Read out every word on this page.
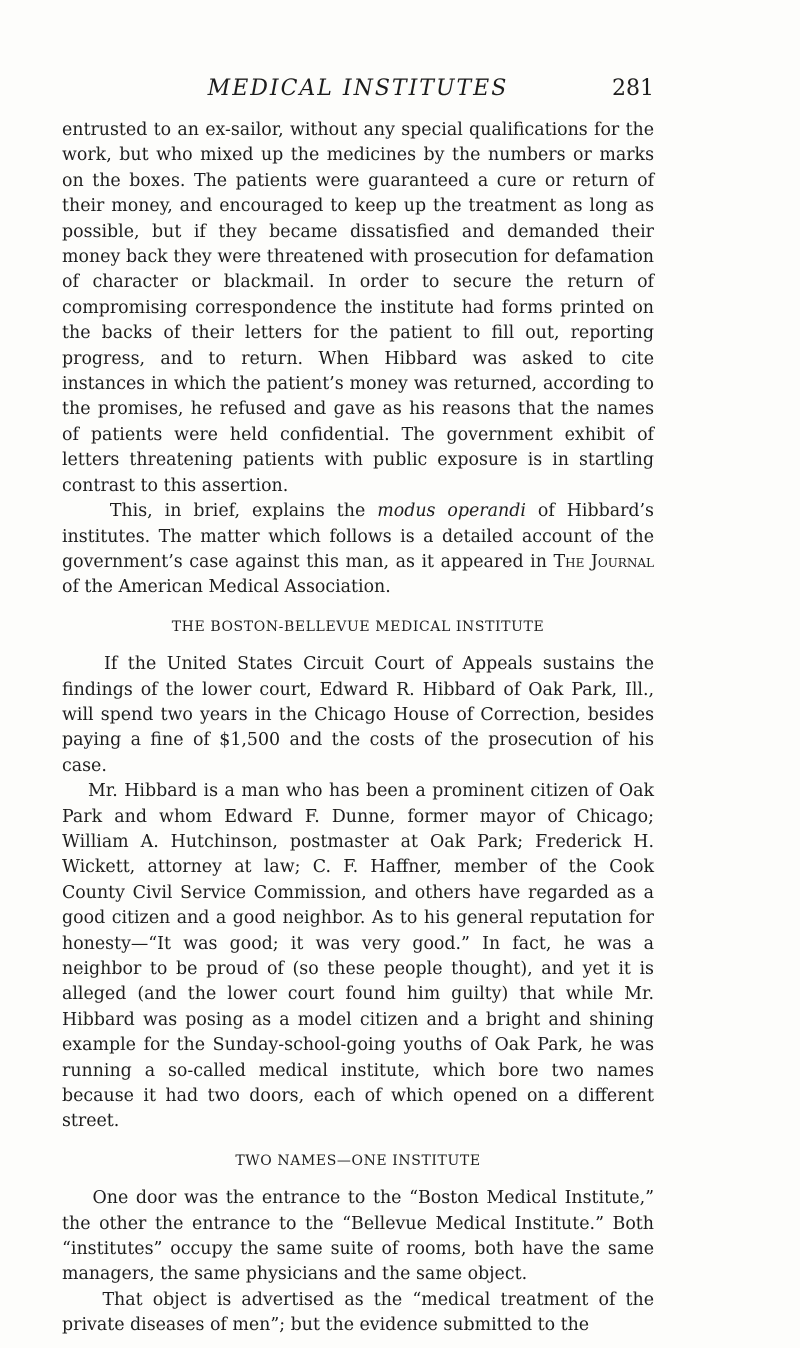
MEDICAL INSTITUTES	281

entrusted to an ex-sailor, without any special qualifications for the work, but who mixed up the medicines by the numbers or marks on the boxes. The patients were guaranteed a cure or return of their money, and encouraged to keep up the treatment as long as possible, but if they became dissatisfied and demanded their money back they were threatened with prosecution for defamation of character or blackmail. In order to secure the return of compromising correspondence the institute had forms printed on the backs of their letters for the patient to fill out, reporting progress, and to return. When Hibbard was asked to cite instances in which the patient’s money was returned, according to the promises, he refused and gave as his reasons that the names of patients were held confidential. The government exhibit of letters threatening patients with public exposure is in startling contrast to this assertion.

This, in brief, explains the modus operandi of Hibbard’s institutes. The matter which follows is a detailed account of the government’s case against this man, as it appeared in The Journal of the American Medical Association.

THE BOSTON-BELLEVUE MEDICAL INSTITUTE

If the United States Circuit Court of Appeals sustains the findings of the lower court, Edward R. Hibbard of Oak Park, Ill., will spend two years in the Chicago House of Correction, besides paying a fine of $1,500 and the costs of the prosecution of his case.

Mr. Hibbard is a man who has been a prominent citizen of Oak Park and whom Edward F. Dunne, former mayor of Chicago; William A. Hutchinson, postmaster at Oak Park; Frederick H. Wickett, attorney at law; C. F. Haffner, member of the Cook County Civil Service Commission, and others have regarded as a good citizen and a good neighbor. As to his general reputation for honesty—“It was good; it was very good.” In fact, he was a neighbor to be proud of (so these people thought), and yet it is alleged (and the lower court found him guilty) that while Mr. Hibbard was posing as a model citizen and a bright and shining example for the Sunday-school-going youths of Oak Park, he was running a so-called medical institute, which bore two names because it had two doors, each of which opened on a different street.

TWO NAMES—ONE INSTITUTE

One door was the entrance to the “Boston Medical Institute,” the other the entrance to the “Bellevue Medical Institute.” Both “institutes” occupy the same suite of rooms, both have the same managers, the same physicians and the same object.

That object is advertised as the “medical treatment of the private diseases of men”; but the evidence submitted to the
